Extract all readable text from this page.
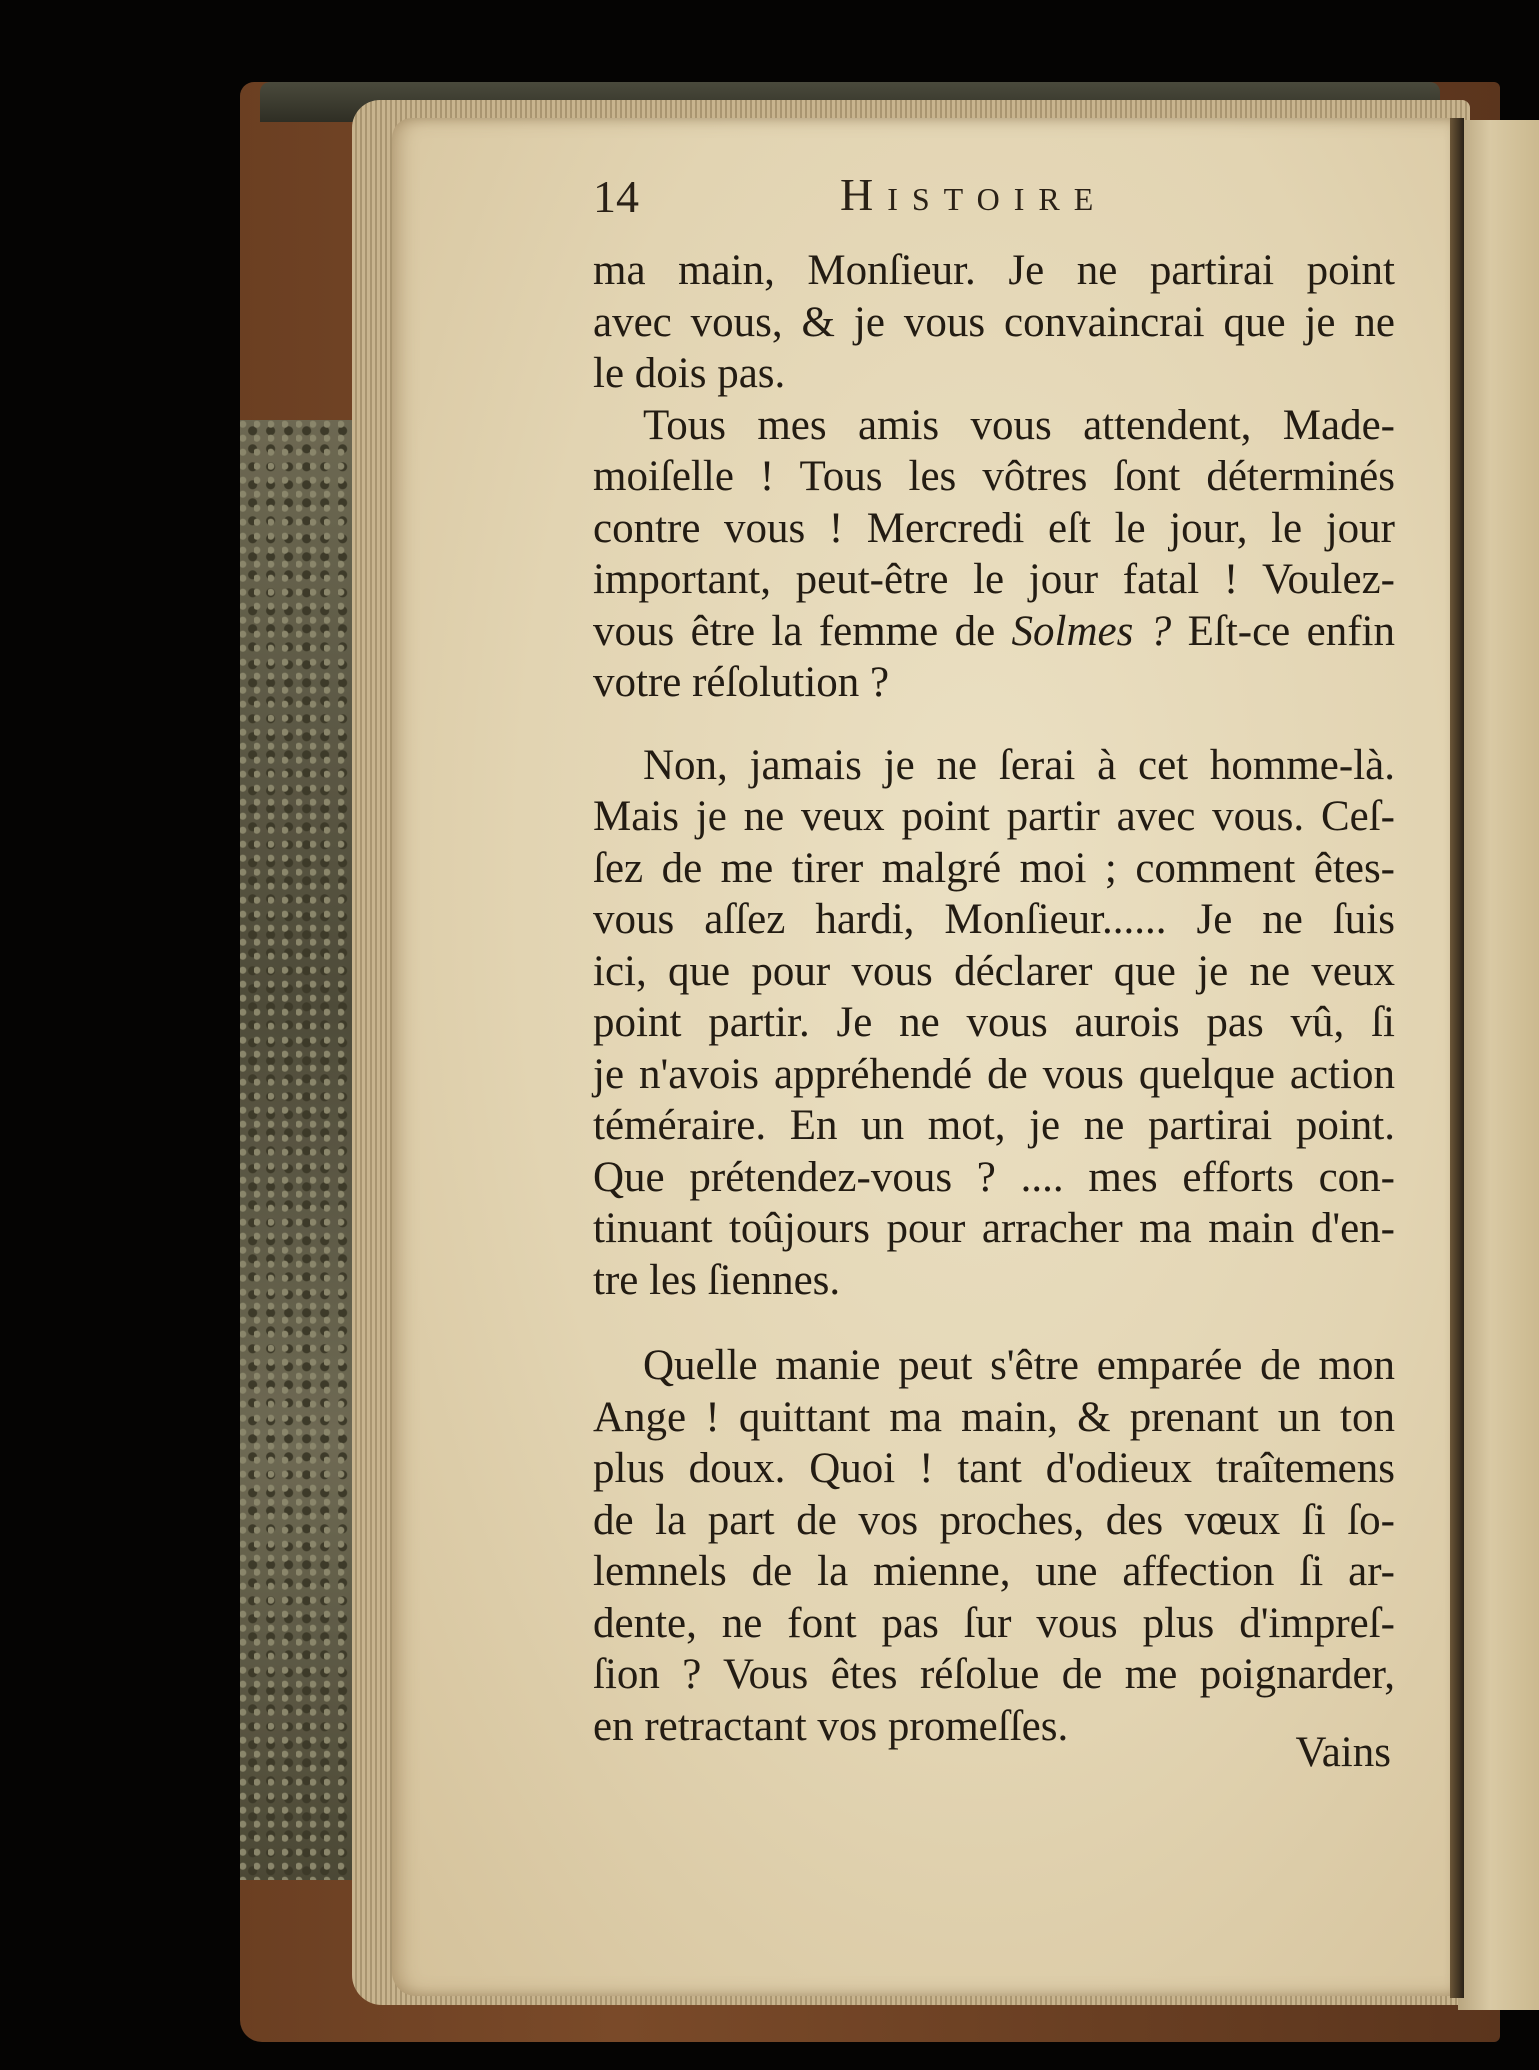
14	Histoire
ma main, Monſieur. Je ne partirai point
avec vous, & je vous convaincrai que je ne
le dois pas.
Tous mes amis vous attendent, Made-
moiſelle ! Tous les vôtres ſont déterminés
contre vous ! Mercredi eſt le jour, le jour
important, peut-être le jour fatal ! Voulez-
vous être la femme de Solmes ? Eſt-ce enfin
votre réſolution ?
Non, jamais je ne ſerai à cet homme-là.
Mais je ne veux point partir avec vous. Ceſ-
ſez de me tirer malgré moi ; comment êtes-
vous aſſez hardi, Monſieur...... Je ne ſuis
ici, que pour vous déclarer que je ne veux
point partir. Je ne vous aurois pas vû, ſi
je n'avois appréhendé de vous quelque action
téméraire. En un mot, je ne partirai point.
Que prétendez-vous ? .... mes efforts con-
tinuant toûjours pour arracher ma main d'en-
tre les ſiennes.
Quelle manie peut s'être emparée de mon
Ange ! quittant ma main, & prenant un ton
plus doux. Quoi ! tant d'odieux traîtemens
de la part de vos proches, des vœux ſi ſo-
lemnels de la mienne, une affection ſi ar-
dente, ne font pas ſur vous plus d'impreſ-
ſion ? Vous êtes réſolue de me poignarder,
en retractant vos promeſſes.
Vains
